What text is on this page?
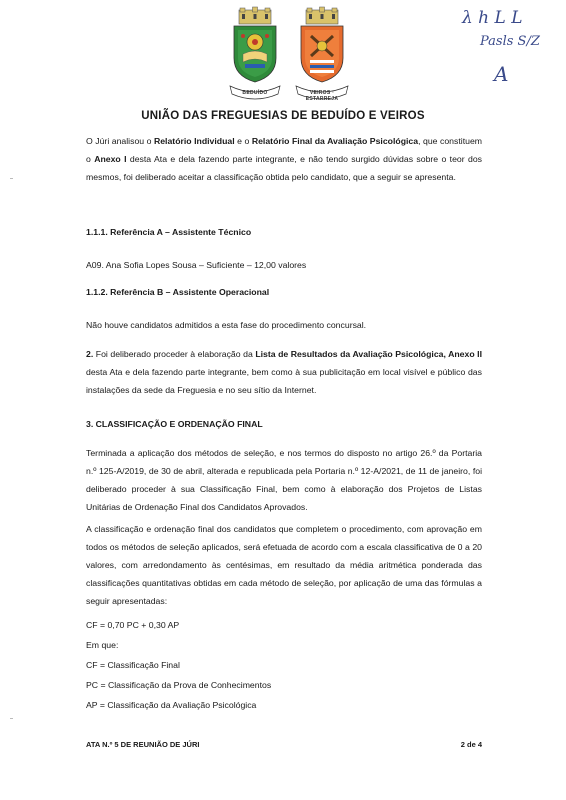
BEDUÍDO	VEIROS · ESTARREJA
λ h L L
Pasls S/Z
A
UNIÃO DAS FREGUESIAS DE BEDUÍDO E VEIROS
O Júri analisou o Relatório Individual e o Relatório Final da Avaliação Psicológica, que constituem o Anexo I desta Ata e dela fazendo parte integrante, e não tendo surgido dúvidas sobre o teor dos mesmos, foi deliberado aceitar a classificação obtida pelo candidato, que a seguir se apresenta.
1.1.1. Referência A – Assistente Técnico
A09. Ana Sofia Lopes Sousa – Suficiente – 12,00 valores
1.1.2. Referência B – Assistente Operacional
Não houve candidatos admitidos a esta fase do procedimento concursal.
2. Foi deliberado proceder à elaboração da Lista de Resultados da Avaliação Psicológica, Anexo II desta Ata e dela fazendo parte integrante, bem como à sua publicitação em local visível e público das instalações da sede da Freguesia e no seu sítio da Internet.
3. CLASSIFICAÇÃO E ORDENAÇÃO FINAL
Terminada a aplicação dos métodos de seleção, e nos termos do disposto no artigo 26.º da Portaria n.º 125-A/2019, de 30 de abril, alterada e republicada pela Portaria n.º 12-A/2021, de 11 de janeiro, foi deliberado proceder à sua Classificação Final, bem como à elaboração dos Projetos de Listas Unitárias de Ordenação Final dos Candidatos Aprovados.
A classificação e ordenação final dos candidatos que completem o procedimento, com aprovação em todos os métodos de seleção aplicados, será efetuada de acordo com a escala classificativa de 0 a 20 valores, com arredondamento às centésimas, em resultado da média aritmética ponderada das classificações quantitativas obtidas em cada método de seleção, por aplicação de uma das fórmulas a seguir apresentadas:
CF = 0,70 PC + 0,30 AP
Em que:
CF = Classificação Final
PC = Classificação da Prova de Conhecimentos
AP = Classificação da Avaliação Psicológica
ATA N.º 5 DE REUNIÃO DE JÚRI	2 de 4
